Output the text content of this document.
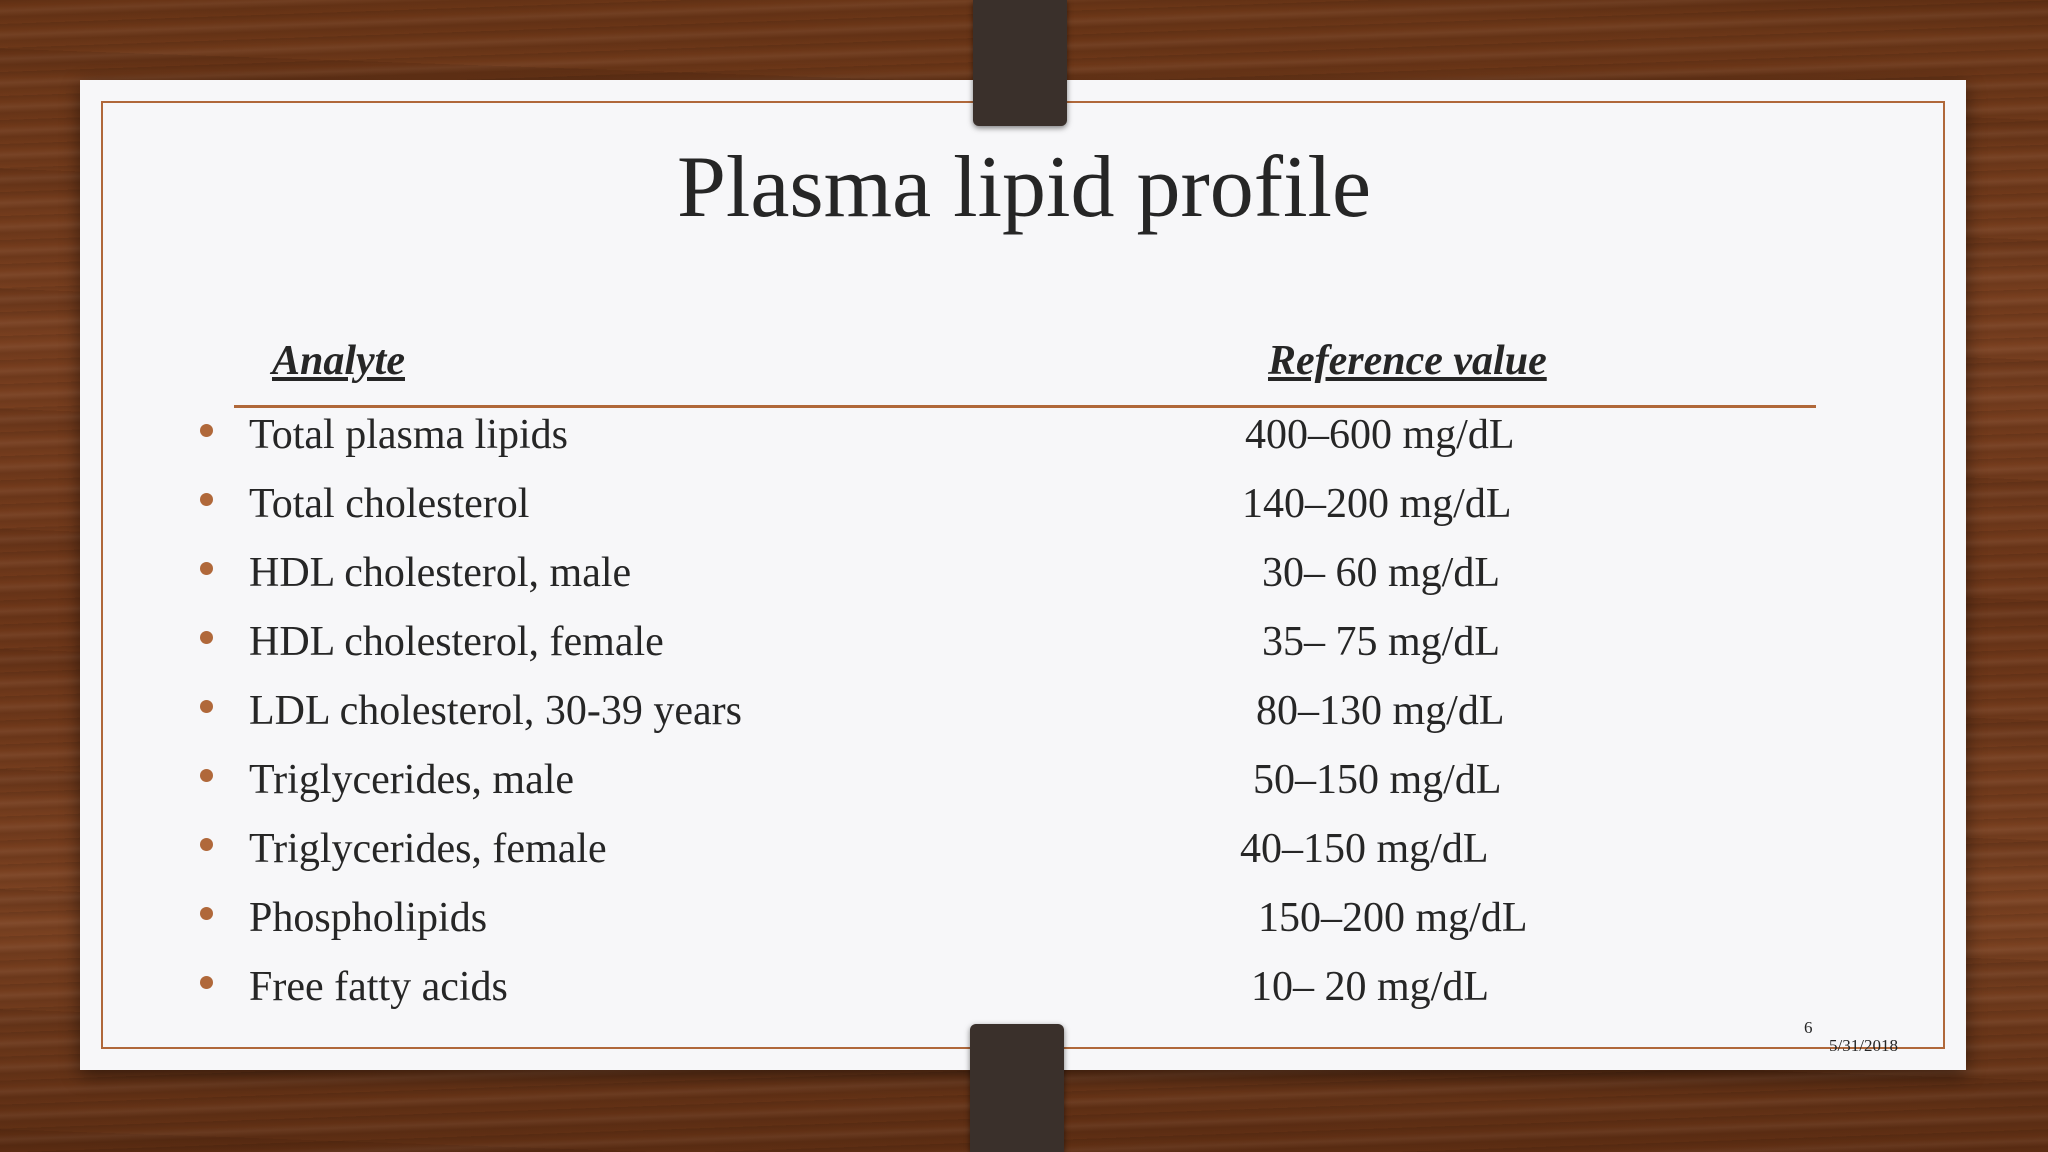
Plasma lipid profile
Analyte	Reference value
Total plasma lipids	400–600 mg/dL
Total cholesterol	140–200 mg/dL
HDL cholesterol, male	30– 60 mg/dL
HDL cholesterol, female	35– 75 mg/dL
LDL cholesterol, 30-39 years	80–130 mg/dL
Triglycerides, male	50–150 mg/dL
Triglycerides, female	40–150 mg/dL
Phospholipids	150–200 mg/dL
Free fatty acids	10– 20 mg/dL
6
5/31/2018
